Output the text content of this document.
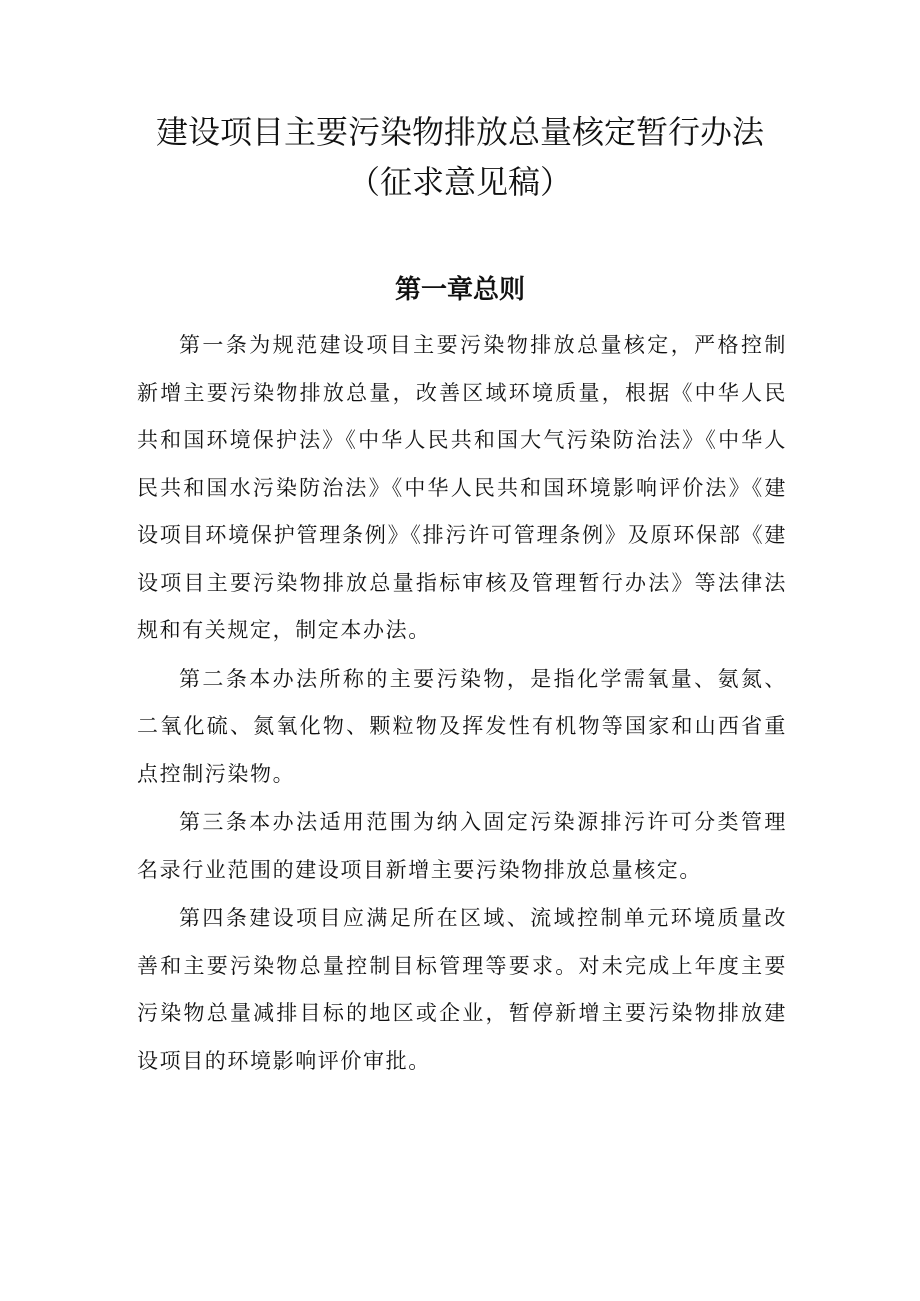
建设项目主要污染物排放总量核定暂行办法
（征求意见稿）
第一章总则

第一条为规范建设项目主要污染物排放总量核定，严格控制新增主要污染物排放总量，改善区域环境质量，根据《中华人民共和国环境保护法》《中华人民共和国大气污染防治法》《中华人民共和国水污染防治法》《中华人民共和国环境影响评价法》《建设项目环境保护管理条例》《排污许可管理条例》及原环保部《建设项目主要污染物排放总量指标审核及管理暂行办法》等法律法规和有关规定，制定本办法。

第二条本办法所称的主要污染物，是指化学需氧量、氨氮、二氧化硫、氮氧化物、颗粒物及挥发性有机物等国家和山西省重点控制污染物。

第三条本办法适用范围为纳入固定污染源排污许可分类管理名录行业范围的建设项目新增主要污染物排放总量核定。

第四条建设项目应满足所在区域、流域控制单元环境质量改善和主要污染物总量控制目标管理等要求。对未完成上年度主要污染物总量减排目标的地区或企业，暂停新增主要污染物排放建设项目的环境影响评价审批。
